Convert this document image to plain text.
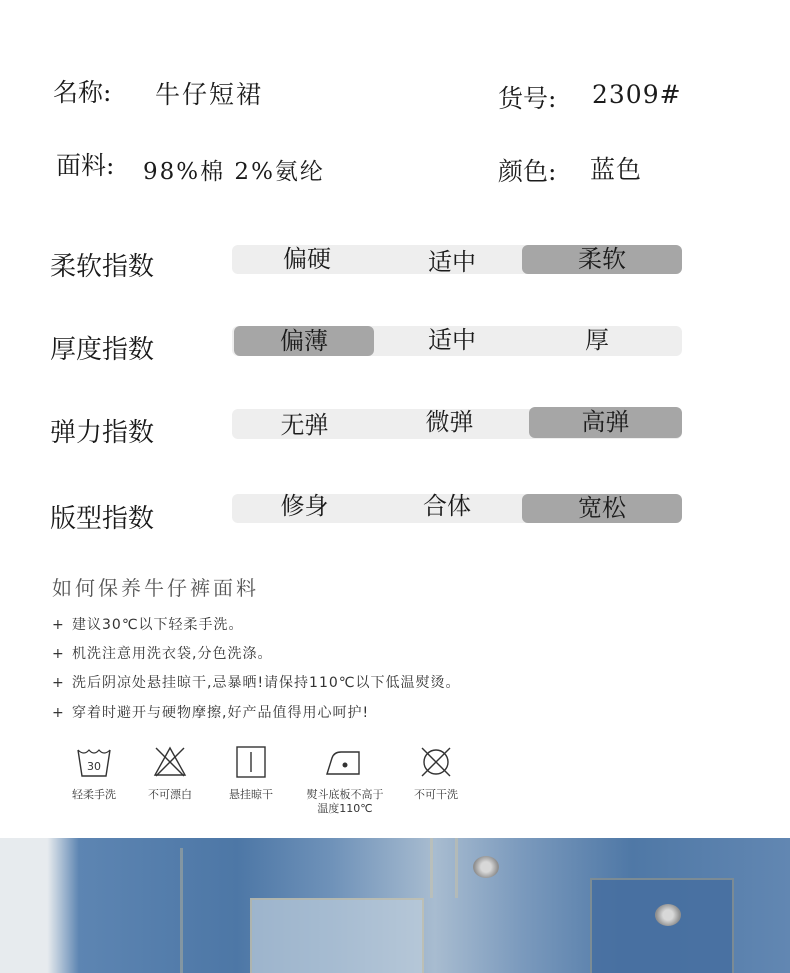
名称: 牛仔短裙	货号: 2309#
面料: 98%棉 2%氨纶	颜色: 蓝色
柔软指数	偏硬	适中	柔软
厚度指数	偏薄	适中	厚
弹力指数	无弹	微弹	高弹
版型指数	修身	合体	宽松
如何保养牛仔裤面料
+ 建议30℃以下轻柔手洗。
+ 机洗注意用洗衣袋,分色洗涤。
+ 洗后阴凉处悬挂晾干,忌暴晒!请保持110℃以下低温熨烫。
+ 穿着时避开与硬物摩擦,好产品值得用心呵护!
30
轻柔手洗	不可漂白	悬挂晾干	熨斗底板不高于
温度110℃
不可干洗
